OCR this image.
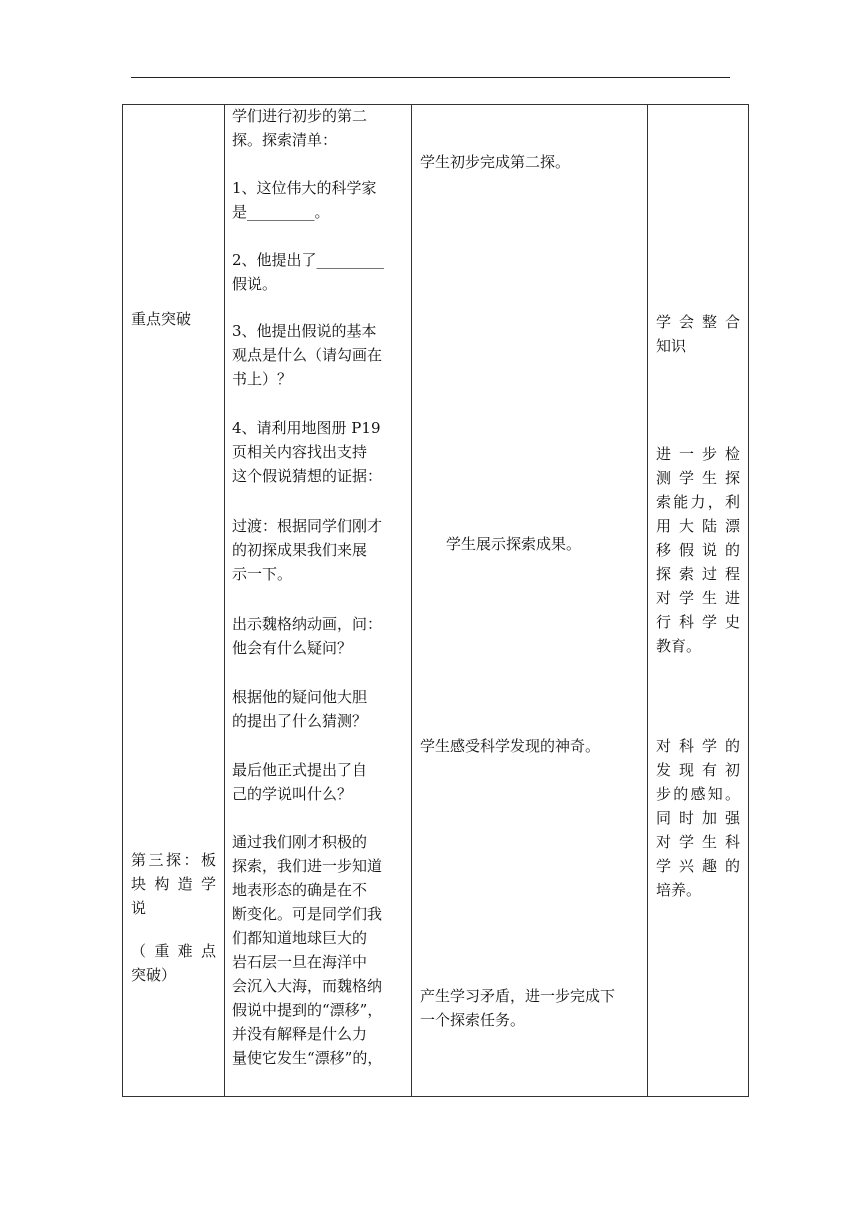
重点突破
第三探：板
块 构 造 学
说
（ 重 难 点
突破）
学们进行初步的第二
探。探索清单：
1、这位伟大的科学家
是_________。
2、他提出了_________
假说。
3、他提出假说的基本
观点是什么（请勾画在
书上）？
4、请利用地图册 P19
页相关内容找出支持
这个假说猜想的证据：
过渡：根据同学们刚才
的初探成果我们来展
示一下。
出示魏格纳动画，问：
他会有什么疑问？
根据他的疑问他大胆
的提出了什么猜测？
最后他正式提出了自
己的学说叫什么？
通过我们刚才积极的
探索，我们进一步知道
地表形态的确是在不
断变化。可是同学们我
们都知道地球巨大的
岩石层一旦在海洋中
会沉入大海，而魏格纳
假说中提到的“漂移”，
并没有解释是什么力
量使它发生“漂移”的，
学生初步完成第二探。
学生展示探索成果。
学生感受科学发现的神奇。
产生学习矛盾，进一步完成下
一个探索任务。
学 会 整 合
知识
进 一 步 检
测 学 生 探
索能力，利
用 大 陆 漂
移 假 说 的
探 索 过 程
对 学 生 进
行 科 学 史
教育。
对 科 学 的
发 现 有 初
步的感知。
同 时 加 强
对 学 生 科
学 兴 趣 的
培养。
